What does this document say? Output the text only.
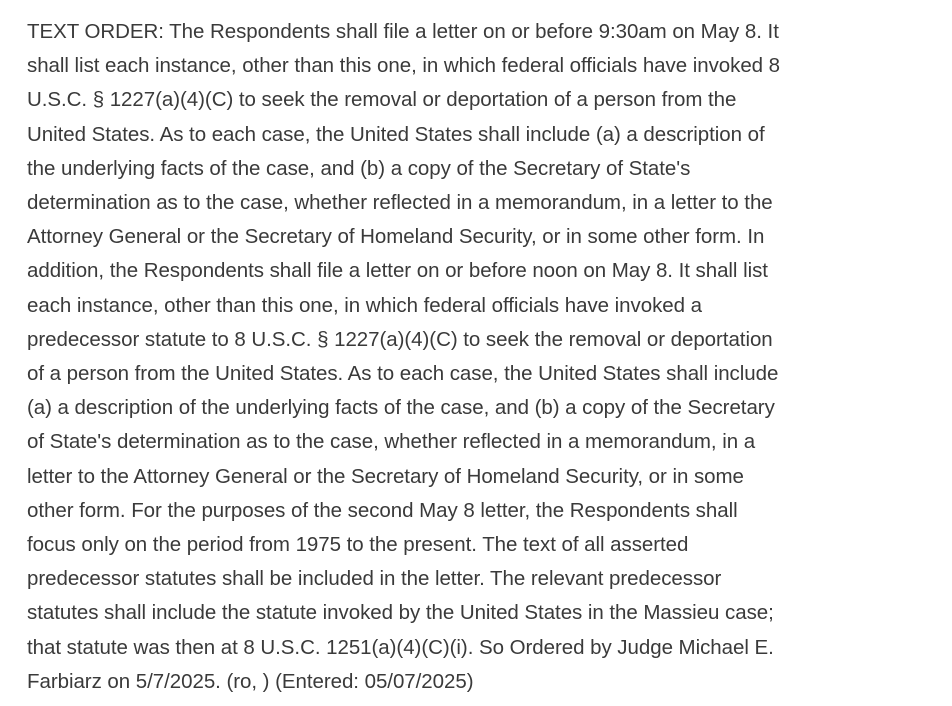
TEXT ORDER: The Respondents shall file a letter on or before 9:30am on May 8. It
shall list each instance, other than this one, in which federal officials have invoked 8
U.S.C. § 1227(a)(4)(C) to seek the removal or deportation of a person from the
United States. As to each case, the United States shall include (a) a description of
the underlying facts of the case, and (b) a copy of the Secretary of State's
determination as to the case, whether reflected in a memorandum, in a letter to the
Attorney General or the Secretary of Homeland Security, or in some other form. In
addition, the Respondents shall file a letter on or before noon on May 8. It shall list
each instance, other than this one, in which federal officials have invoked a
predecessor statute to 8 U.S.C. § 1227(a)(4)(C) to seek the removal or deportation
of a person from the United States. As to each case, the United States shall include
(a) a description of the underlying facts of the case, and (b) a copy of the Secretary
of State's determination as to the case, whether reflected in a memorandum, in a
letter to the Attorney General or the Secretary of Homeland Security, or in some
other form. For the purposes of the second May 8 letter, the Respondents shall
focus only on the period from 1975 to the present. The text of all asserted
predecessor statutes shall be included in the letter. The relevant predecessor
statutes shall include the statute invoked by the United States in the Massieu case;
that statute was then at 8 U.S.C. 1251(a)(4)(C)(i). So Ordered by Judge Michael E.
Farbiarz on 5/7/2025. (ro, ) (Entered: 05/07/2025)
